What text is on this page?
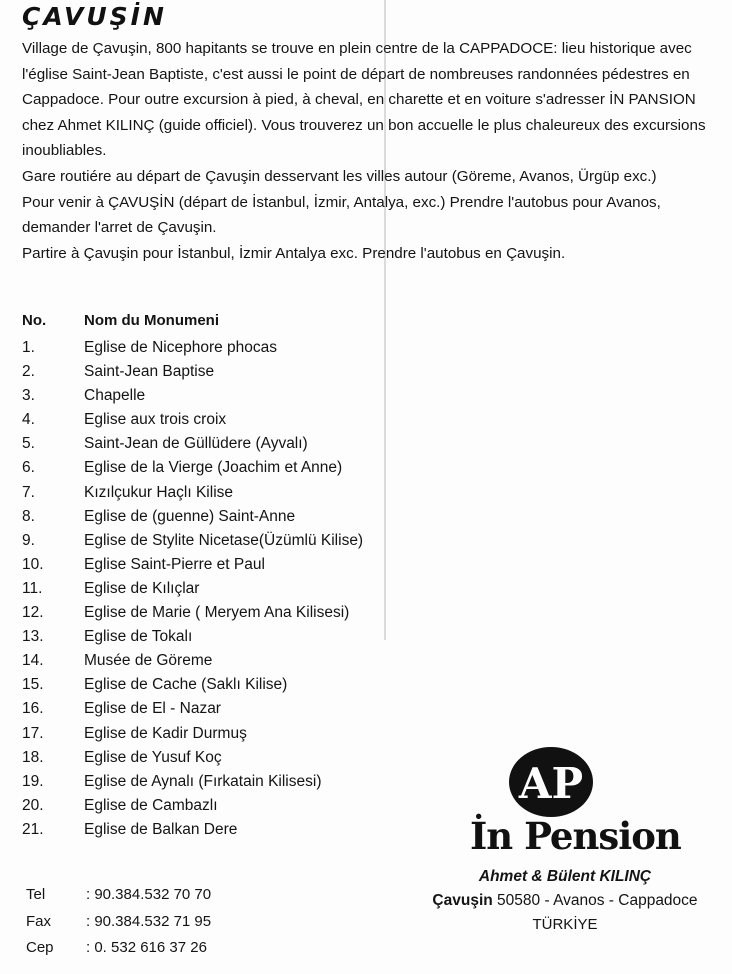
ÇAVUŞİN

Village de Çavuşin, 800 hapitants se trouve en plein centre de la CAPPADOCE: lieu historique avec l'église Saint-Jean Baptiste, c'est aussi le point de départ de nombreuses randonnées pédestres en Cappadoce. Pour outre excursion à pied, à cheval, en charette et en voiture s'adresser İN PANSION chez Ahmet KILINÇ (guide officiel). Vous trouverez un bon accuelle le plus chaleureux des excursions inoubliables.

Gare routiére au départ de Çavuşin desservant les villes autour (Göreme, Avanos, Ürgüp exc.)

Pour venir à ÇAVUŞİN (départ de İstanbul, İzmir, Antalya, exc.) Prendre l'autobus pour Avanos, demander l'arret de Çavuşin.

Partire à Çavuşin pour İstanbul, İzmir Antalya exc. Prendre l'autobus en Çavuşin.

No.	Nom du Monumeni
1.	Eglise de Nicephore phocas
2.	Saint-Jean Baptise
3.	Chapelle
4.	Eglise aux trois croix
5.	Saint-Jean de Güllüdere (Ayvalı)
6.	Eglise de la Vierge (Joachim et Anne)
7.	Kızılçukur Haçlı Kilise
8.	Eglise de (guenne) Saint-Anne
9.	Eglise de Stylite Nicetase(Üzümlü Kilise)
10.	Eglise Saint-Pierre et Paul
11.	Eglise de Kılıçlar
12.	Eglise de Marie ( Meryem Ana Kilisesi)
13.	Eglise de Tokalı
14.	Musée de Göreme
15.	Eglise de Cache (Saklı Kilise)
16.	Eglise de El - Nazar
17.	Eglise de Kadir Durmuş
18.	Eglise de Yusuf Koç
19.	Eglise de Aynalı (Fırkatain Kilisesi)
20.	Eglise de Cambazlı
21.	Eglise de Balkan Dere
Tel	: 90.384.532 70 70
Fax : 90.384.532 71 95
Cep : 0. 532 616 37 26
AP
İn Pension
Ahmet & Bülent KILINÇ
Çavuşin 50580 - Avanos - Cappadoce
TÜRKİYE
